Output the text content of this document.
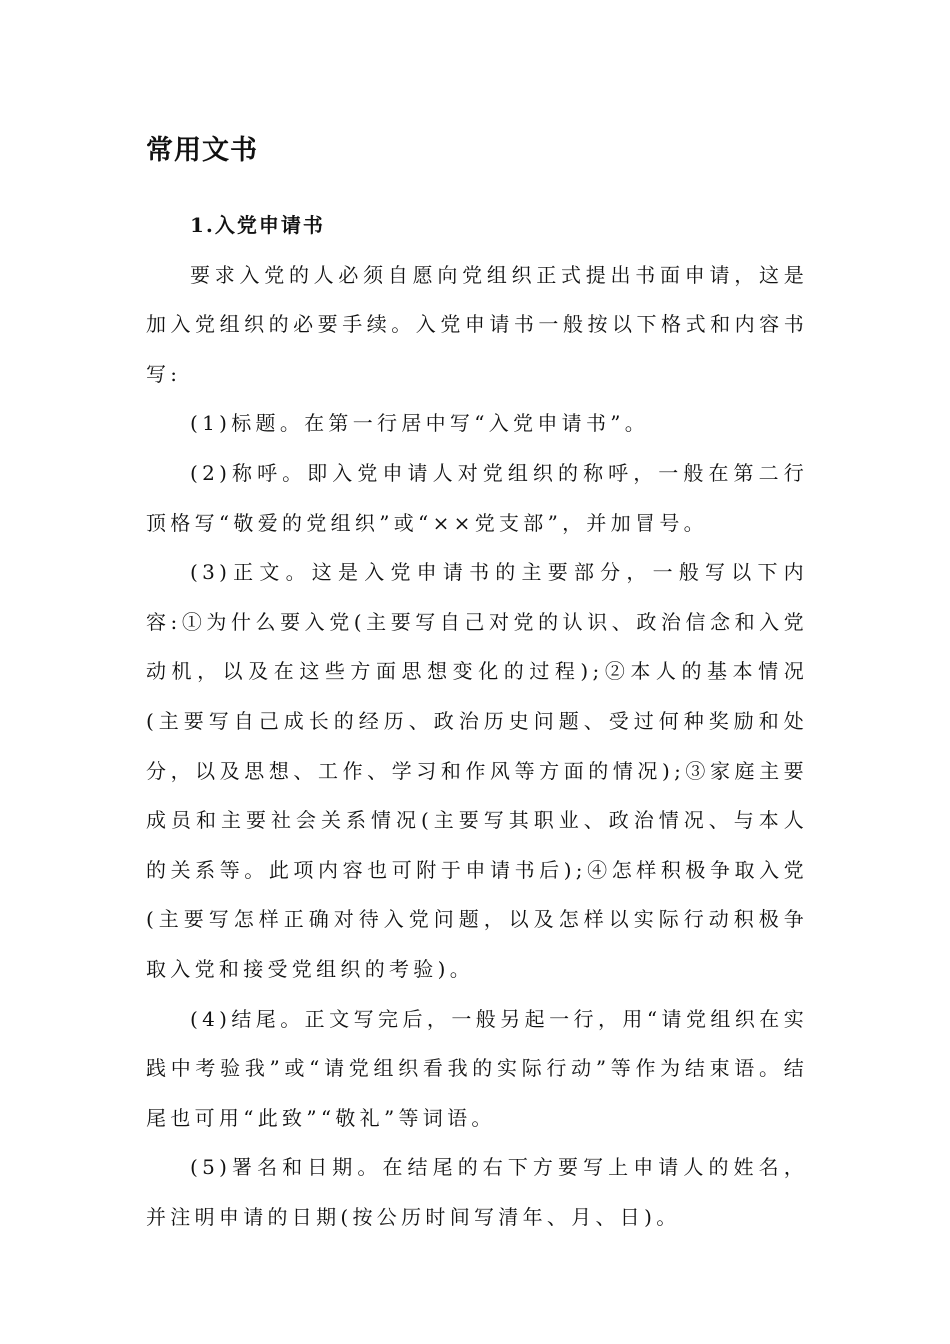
常用文书

1.入党申请书

要求入党的人必须自愿向党组织正式提出书面申请，这是加入党组织的必要手续。入党申请书一般按以下格式和内容书写:

(1)标题。在第一行居中写“入党申请书”。

(2)称呼。即入党申请人对党组织的称呼，一般在第二行顶格写“敬爱的党组织”或“××党支部”，并加冒号。

(3)正文。这是入党申请书的主要部分，一般写以下内容:①为什么要入党(主要写自己对党的认识、政治信念和入党动机，以及在这些方面思想变化的过程);②本人的基本情况(主要写自己成长的经历、政治历史问题、受过何种奖励和处分，以及思想、工作、学习和作风等方面的情况);③家庭主要成员和主要社会关系情况(主要写其职业、政治情况、与本人的关系等。此项内容也可附于申请书后);④怎样积极争取入党(主要写怎样正确对待入党问题，以及怎样以实际行动积极争取入党和接受党组织的考验)。

(4)结尾。正文写完后，一般另起一行，用“请党组织在实践中考验我”或“请党组织看我的实际行动”等作为结束语。结尾也可用“此致”“敬礼”等词语。

(5)署名和日期。在结尾的右下方要写上申请人的姓名，并注明申请的日期(按公历时间写清年、月、日)。
